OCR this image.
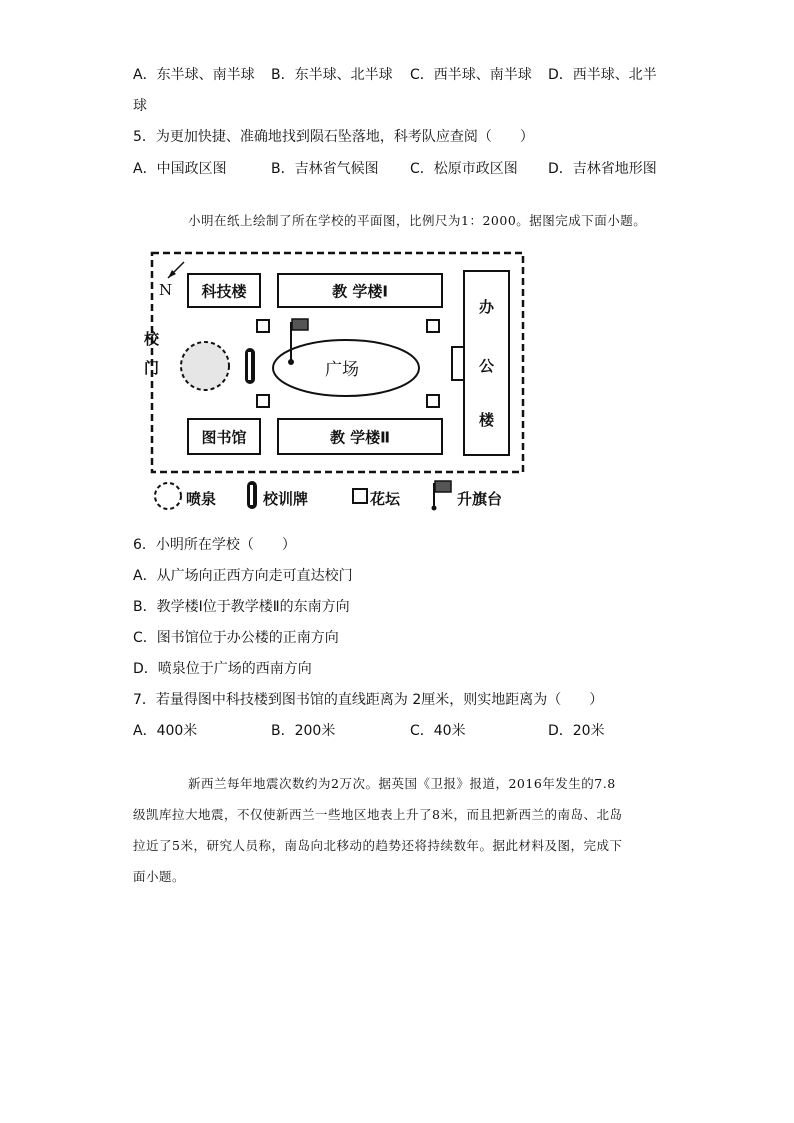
A．东半球、南半球 B．东半球、北半球 C．西半球、南半球 D．西半球、北半
球
5．为更加快捷、准确地找到陨石坠落地，科考队应查阅（　　）
A．中国政区图	B．吉林省气候图 C．松原市政区图 D．吉林省地形图
小明在纸上绘制了所在学校的平面图，比例尺为1：2000。据图完成下面小题。
N
校
门
科技楼	教 学楼Ⅰ
图书馆	教 学楼Ⅱ
办
公
楼
广场
喷泉	校训牌	花坛	升旗台
6．小明所在学校（　　）
A．从广场向正西方向走可直达校门
B．教学楼Ⅰ位于教学楼Ⅱ的东南方向
C．图书馆位于办公楼的正南方向
D．喷泉位于广场的西南方向
7．若量得图中科技楼到图书馆的直线距离为 2厘米，则实地距离为（　　）
A．400米	B．200米	C．40米	D．20米
新西兰每年地震次数约为2万次。据英国《卫报》报道，2016年发生的7.8
级凯库拉大地震，不仅使新西兰一些地区地表上升了8米，而且把新西兰的南岛、北岛
拉近了5米，研究人员称，南岛向北移动的趋势还将持续数年。据此材料及图，完成下
面小题。
